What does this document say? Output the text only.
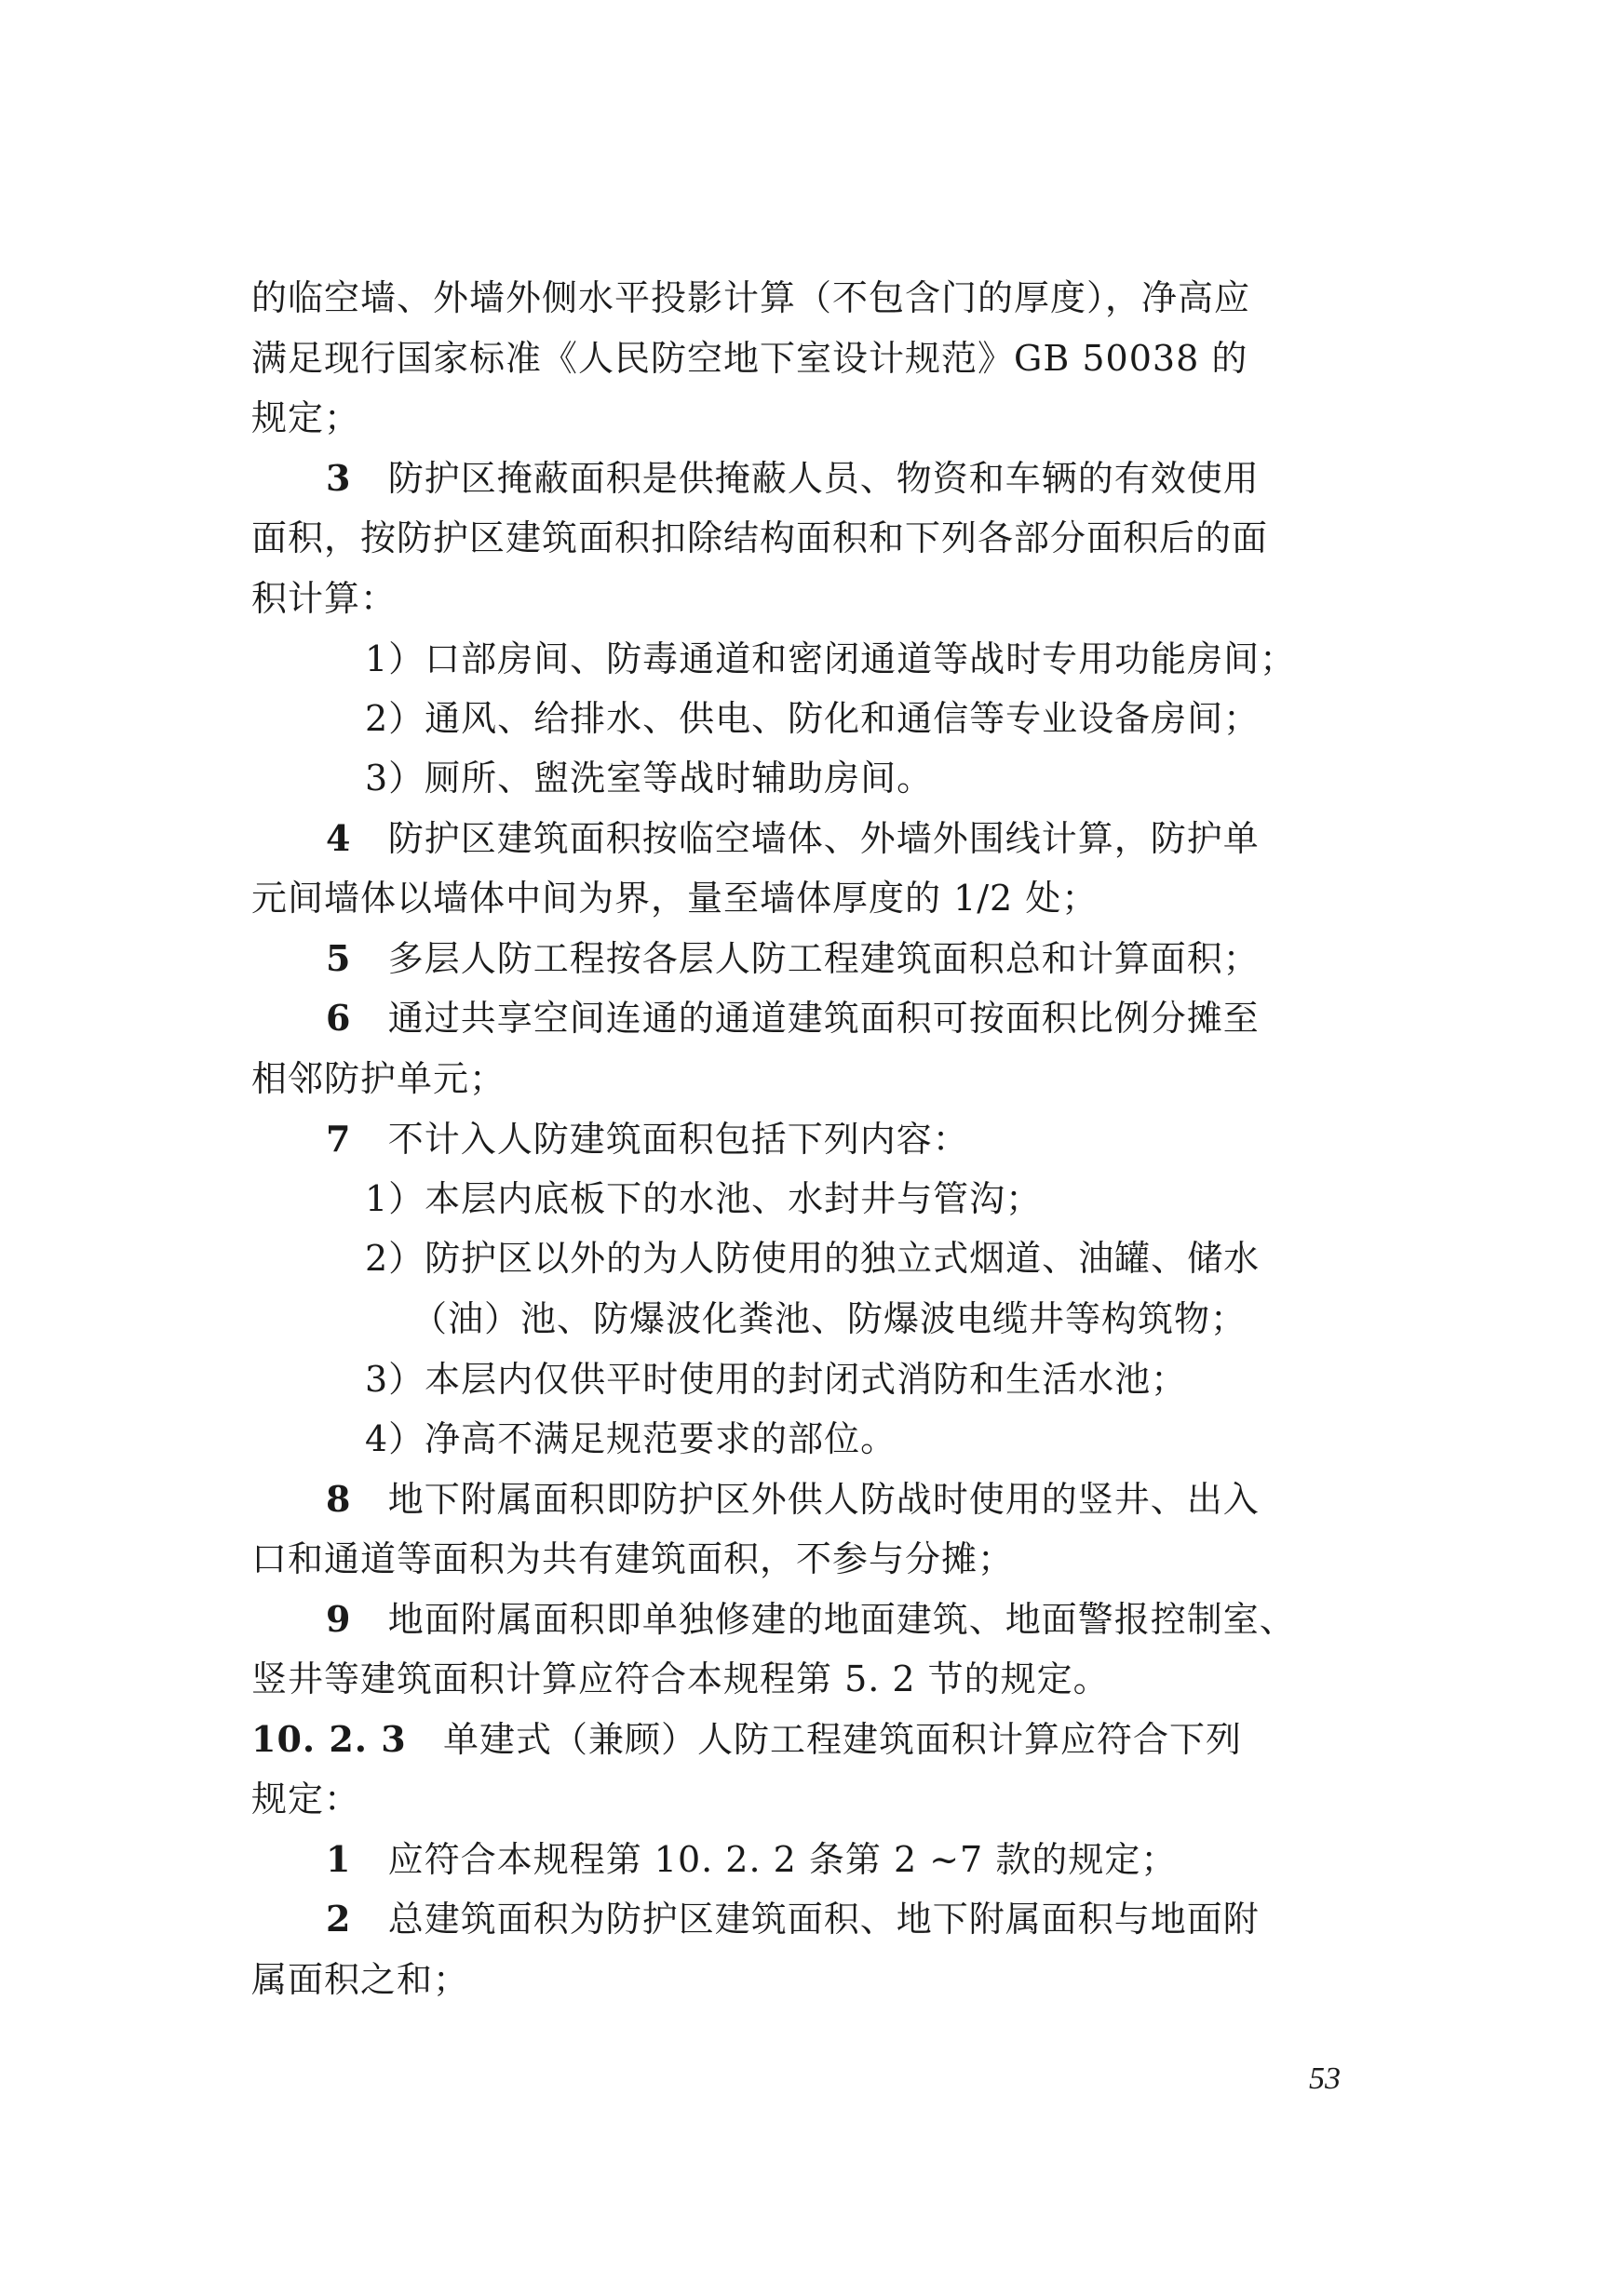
的临空墙、外墙外侧水平投影计算（不包含门的厚度），净高应
满足现行国家标准《人民防空地下室设计规范》GB 50038 的
规定；
3 防护区掩蔽面积是供掩蔽人员、物资和车辆的有效使用
面积，按防护区建筑面积扣除结构面积和下列各部分面积后的面
积计算：
1）口部房间、防毒通道和密闭通道等战时专用功能房间；
2）通风、给排水、供电、防化和通信等专业设备房间；
3）厕所、盥洗室等战时辅助房间。
4 防护区建筑面积按临空墙体、外墙外围线计算，防护单
元间墙体以墙体中间为界，量至墙体厚度的 1/2 处；
5 多层人防工程按各层人防工程建筑面积总和计算面积；
6 通过共享空间连通的通道建筑面积可按面积比例分摊至
相邻防护单元；
7 不计入人防建筑面积包括下列内容：
1）本层内底板下的水池、水封井与管沟；
2）防护区以外的为人防使用的独立式烟道、油罐、储水
（油）池、防爆波化粪池、防爆波电缆井等构筑物；
3）本层内仅供平时使用的封闭式消防和生活水池；
4）净高不满足规范要求的部位。
8 地下附属面积即防护区外供人防战时使用的竖井、出入
口和通道等面积为共有建筑面积，不参与分摊；
9 地面附属面积即单独修建的地面建筑、地面警报控制室、
竖井等建筑面积计算应符合本规程第 5. 2 节的规定。
10. 2. 3 单建式（兼顾）人防工程建筑面积计算应符合下列
规定：
1 应符合本规程第 10. 2. 2 条第 2 ~7 款的规定；
2 总建筑面积为防护区建筑面积、地下附属面积与地面附
属面积之和；
53
